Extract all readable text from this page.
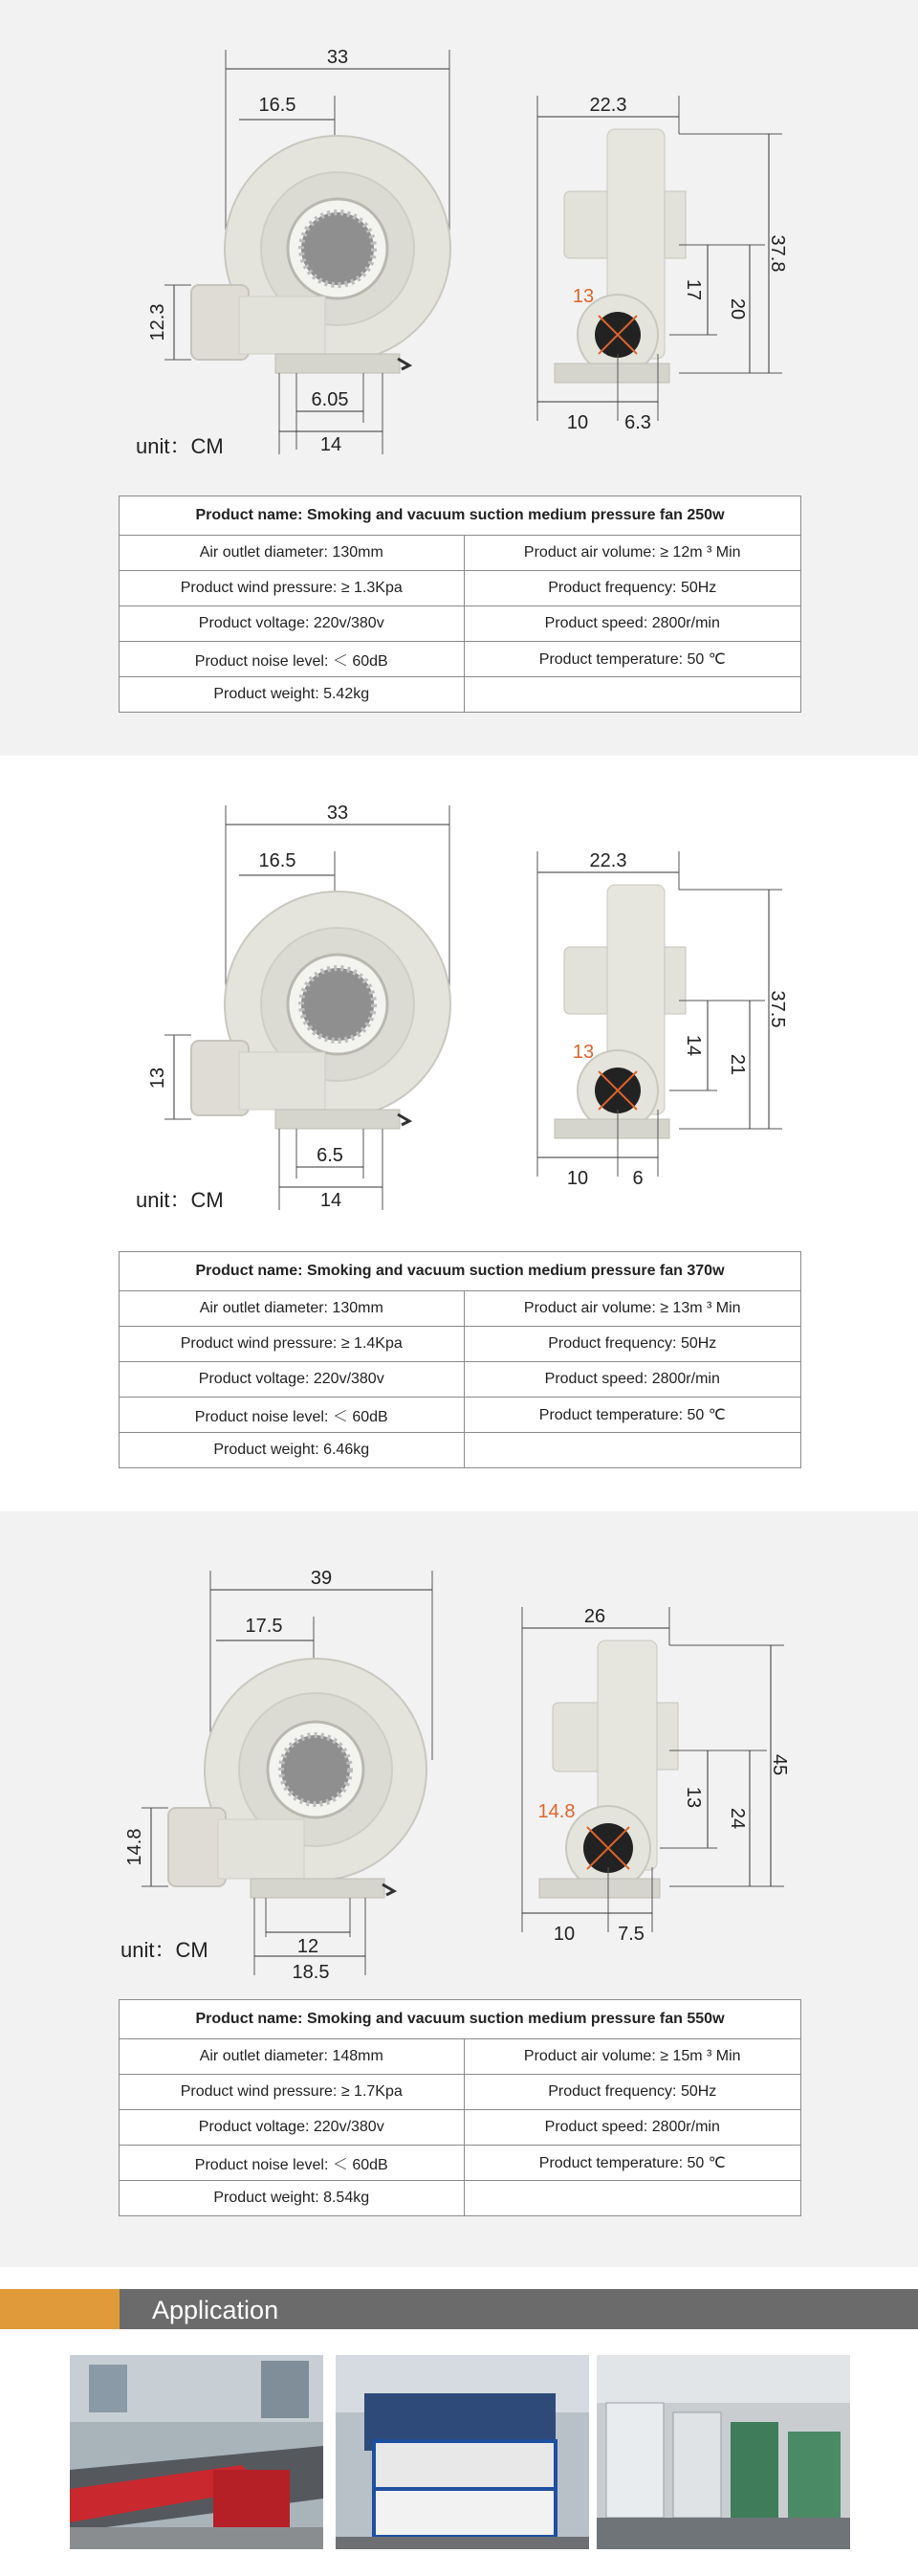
33
16.5
12.3
6.05
14
unit：CM
22.3
13
37.8
20
17
10 6.3
Product name: Smoking and vacuum suction medium pressure fan 250w	
Air outlet diameter: 130mm	Product air volume: ≥ 12m ³ Min
Product wind pressure: ≥ 1.3Kpa	Product frequency: 50Hz
Product voltage: 220v/380v	Product speed: 2800r/min
Product noise level: ＜ 60dB	Product temperature: 50 ℃
Product weight: 5.42kg	
33
16.5
13
6.5
14
unit：CM
22.3
13
37.5
21
14
10 6
Product name: Smoking and vacuum suction medium pressure fan 370w	
Air outlet diameter: 130mm	Product air volume: ≥ 13m ³ Min
Product wind pressure: ≥ 1.4Kpa	Product frequency: 50Hz
Product voltage: 220v/380v	Product speed: 2800r/min
Product noise level: ＜ 60dB	Product temperature: 50 ℃
Product weight: 6.46kg	
39
17.5
14.8
12
18.5
unit：CM
26
14.8
45
24
13
10 7.5
Product name: Smoking and vacuum suction medium pressure fan 550w	
Air outlet diameter: 148mm	Product air volume: ≥ 15m ³ Min
Product wind pressure: ≥ 1.7Kpa	Product frequency: 50Hz
Product voltage: 220v/380v	Product speed: 2800r/min
Product noise level: ＜ 60dB	Product temperature: 50 ℃
Product weight: 8.54kg	
Application
